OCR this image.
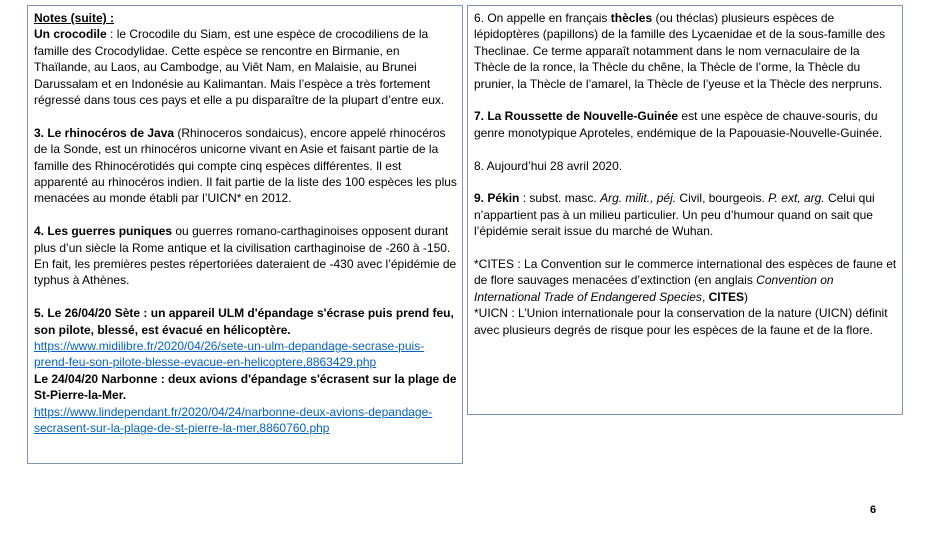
Notes (suite) :
Un crocodile : le Crocodile du Siam, est une espèce de crocodiliens de la famille des Crocodylidae. Cette espèce se rencontre en Birmanie, en Thaïlande, au Laos, au Cambodge, au Viêt Nam, en Malaisie, au Brunei Darussalam et en Indonésie au Kalimantan. Mais l’espèce a très fortement régressé dans tous ces pays et elle a pu disparaître de la plupart d’entre eux.

3. Le rhinocéros de Java (Rhinoceros sondaicus), encore appelé rhinocéros de la Sonde, est un rhinocéros unicorne vivant en Asie et faisant partie de la famille des Rhinocérotidés qui compte cinq espèces différentes. Il est apparenté au rhinocéros indien. Il fait partie de la liste des 100 espèces les plus menacées au monde établi par l’UICN* en 2012.

4. Les guerres puniques ou guerres romano-carthaginoises opposent durant plus d’un siècle la Rome antique et la civilisation carthaginoise de -260 à -150. En fait, les premières pestes répertoriées dateraient de -430 avec l’épidémie de typhus à Athènes.

5. Le 26/04/20 Sète : un appareil ULM d'épandage s'écrase puis prend feu, son pilote, blessé, est évacué en hélicoptère.
https://www.midilibre.fr/2020/04/26/sete-un-ulm-depandage-secrase-puis-prend-feu-son-pilote-blesse-evacue-en-helicoptere,8863429.php
Le 24/04/20 Narbonne : deux avions d'épandage s'écrasent sur la plage de St-Pierre-la-Mer.
https://www.lindependant.fr/2020/04/24/narbonne-deux-avions-depandage-secrasent-sur-la-plage-de-st-pierre-la-mer,8860760.php

6. On appelle en français thècles (ou théclas) plusieurs espèces de lépidoptères (papillons) de la famille des Lycaenidae et de la sous-famille des Theclinae. Ce terme apparaît notamment dans le nom vernaculaire de la Thècle de la ronce, la Thècle du chêne, la Thècle de l’orme, la Thècle du prunier, la Thècle de l’amarel, la Thècle de l’yeuse et la Thècle des nerpruns.

7. La Roussette de Nouvelle-Guinée est une espèce de chauve-souris, du genre monotypique Aproteles, endémique de la Papouasie-Nouvelle-Guinée.

8. Aujourd’hui 28 avril 2020.

9. Pékin : subst. masc. Arg. milit., péj. Civil, bourgeois. P. ext, arg. Celui qui n’appartient pas à un milieu particulier. Un peu d’humour quand on sait que l’épidémie serait issue du marché de Wuhan.

*CITES : La Convention sur le commerce international des espèces de faune et de flore sauvages menacées d’extinction (en anglais Convention on International Trade of Endangered Species, CITES)
*UICN : L’Union internationale pour la conservation de la nature (UICN) définit avec plusieurs degrés de risque pour les espèces de la faune et de la flore.

6
